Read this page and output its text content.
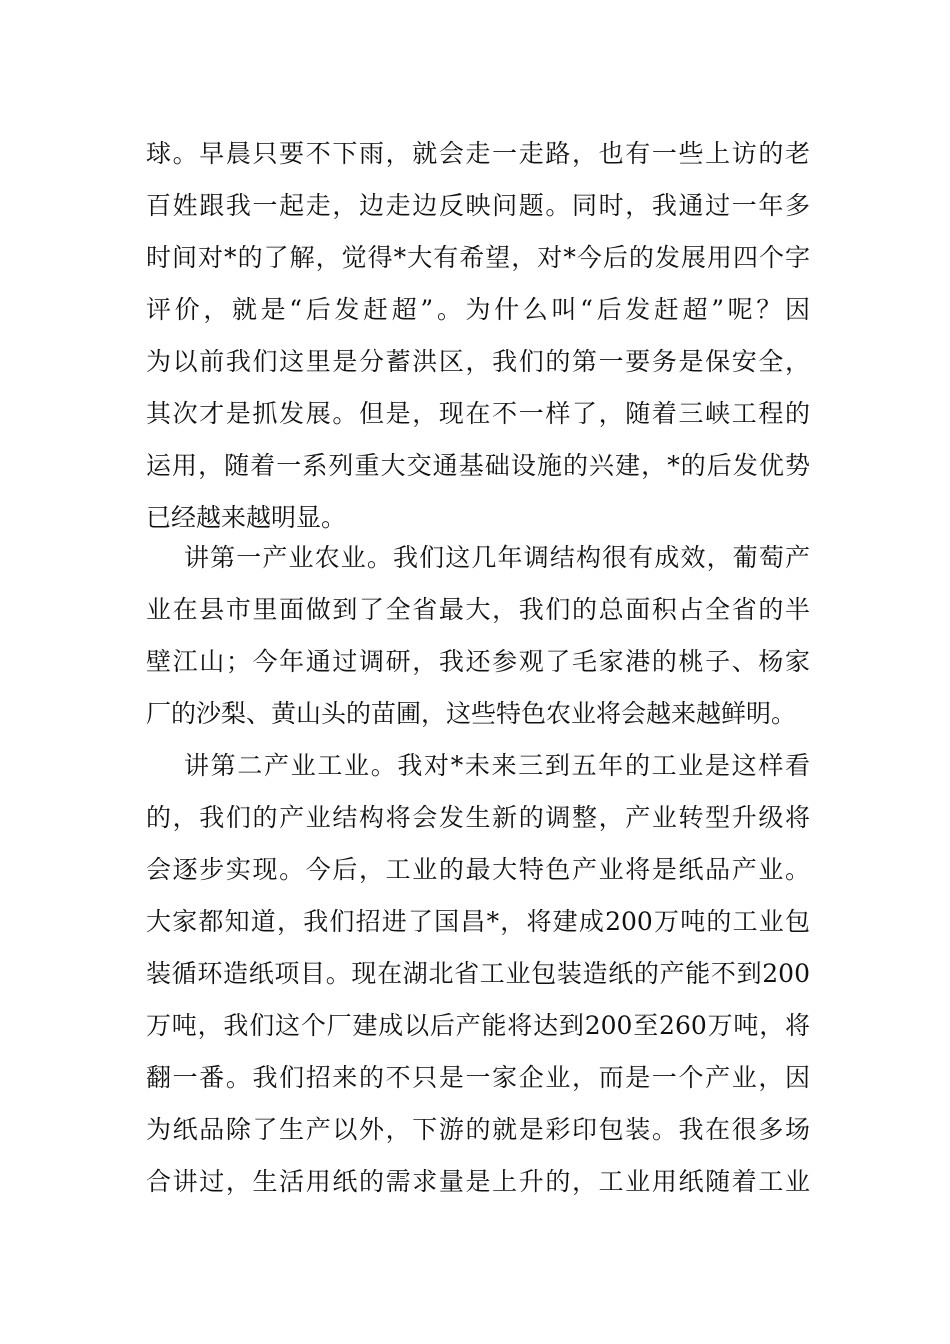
球。早晨只要不下雨，就会走一走路，也有一些上访的老
百姓跟我一起走，边走边反映问题。同时，我通过一年多
时间对*的了解，觉得*大有希望，对*今后的发展用四个字
评价，就是“后发赶超”。为什么叫“后发赶超”呢？因
为以前我们这里是分蓄洪区，我们的第一要务是保安全，
其次才是抓发展。但是，现在不一样了，随着三峡工程的
运用，随着一系列重大交通基础设施的兴建，*的后发优势
已经越来越明显。
讲第一产业农业。我们这几年调结构很有成效，葡萄产
业在县市里面做到了全省最大，我们的总面积占全省的半
壁江山；今年通过调研，我还参观了毛家港的桃子、杨家
厂的沙梨、黄山头的苗圃，这些特色农业将会越来越鲜明。
讲第二产业工业。我对*未来三到五年的工业是这样看
的，我们的产业结构将会发生新的调整，产业转型升级将
会逐步实现。今后，工业的最大特色产业将是纸品产业。
大家都知道，我们招进了国昌*，将建成200万吨的工业包
装循环造纸项目。现在湖北省工业包装造纸的产能不到200
万吨，我们这个厂建成以后产能将达到200至260万吨，将
翻一番。我们招来的不只是一家企业，而是一个产业，因
为纸品除了生产以外，下游的就是彩印包装。我在很多场
合讲过，生活用纸的需求量是上升的，工业用纸随着工业
